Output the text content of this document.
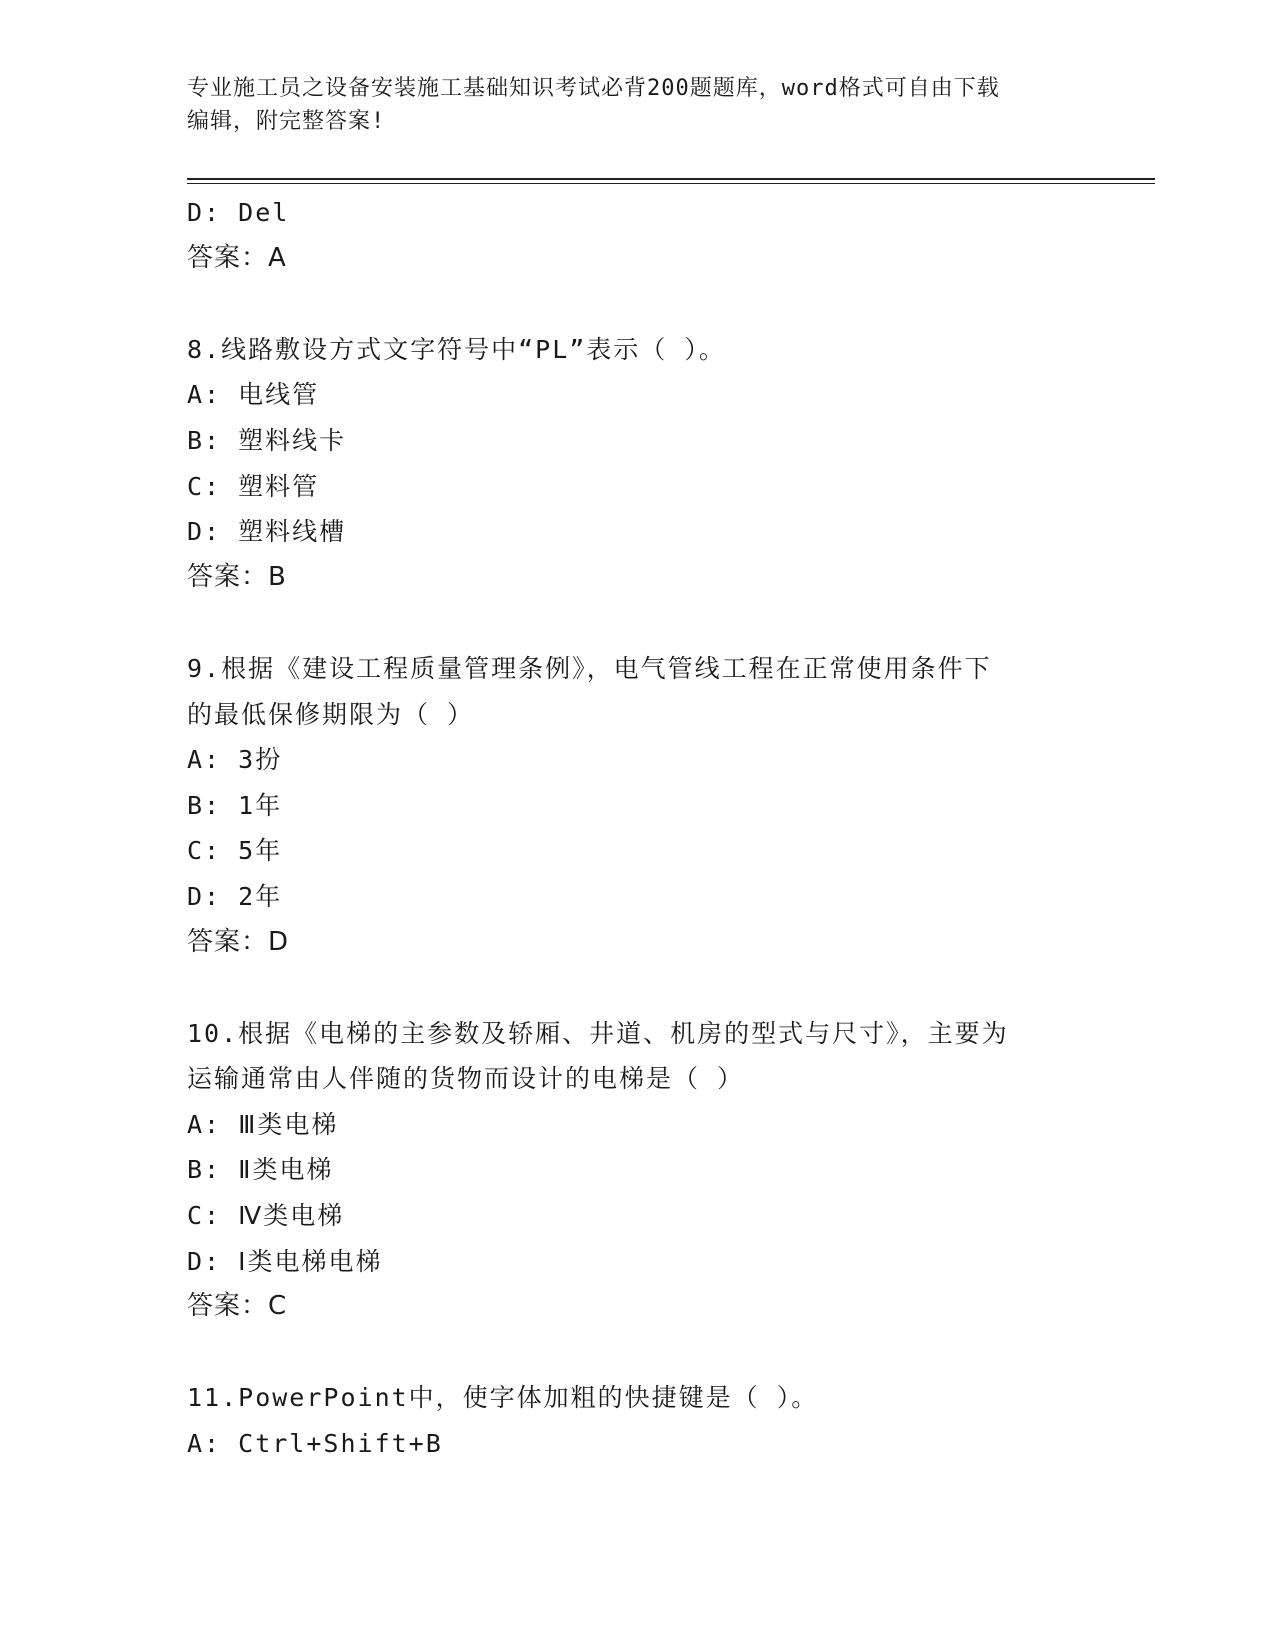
专业施工员之设备安装施工基础知识考试必背200题题库，word格式可自由下载
编辑，附完整答案!
D: Del
答案：A
8.线路敷设方式文字符号中“PL”表示（ ）。
A: 电线管
B: 塑料线卡
C: 塑料管
D: 塑料线槽
答案：B
9.根据《建设工程质量管理条例》，电气管线工程在正常使用条件下
的最低保修期限为（ ）
A: 3扮
B: 1年
C: 5年
D: 2年
答案：D
10.根据《电梯的主参数及轿厢、井道、机房的型式与尺寸》，主要为
运输通常由人伴随的货物而设计的电梯是（ ）
A: Ⅲ类电梯
B: Ⅱ类电梯
C: Ⅳ类电梯
D: Ⅰ类电梯电梯
答案：C
11.PowerPoint中，使字体加粗的快捷键是（ ）。
A: Ctrl+Shift+B
